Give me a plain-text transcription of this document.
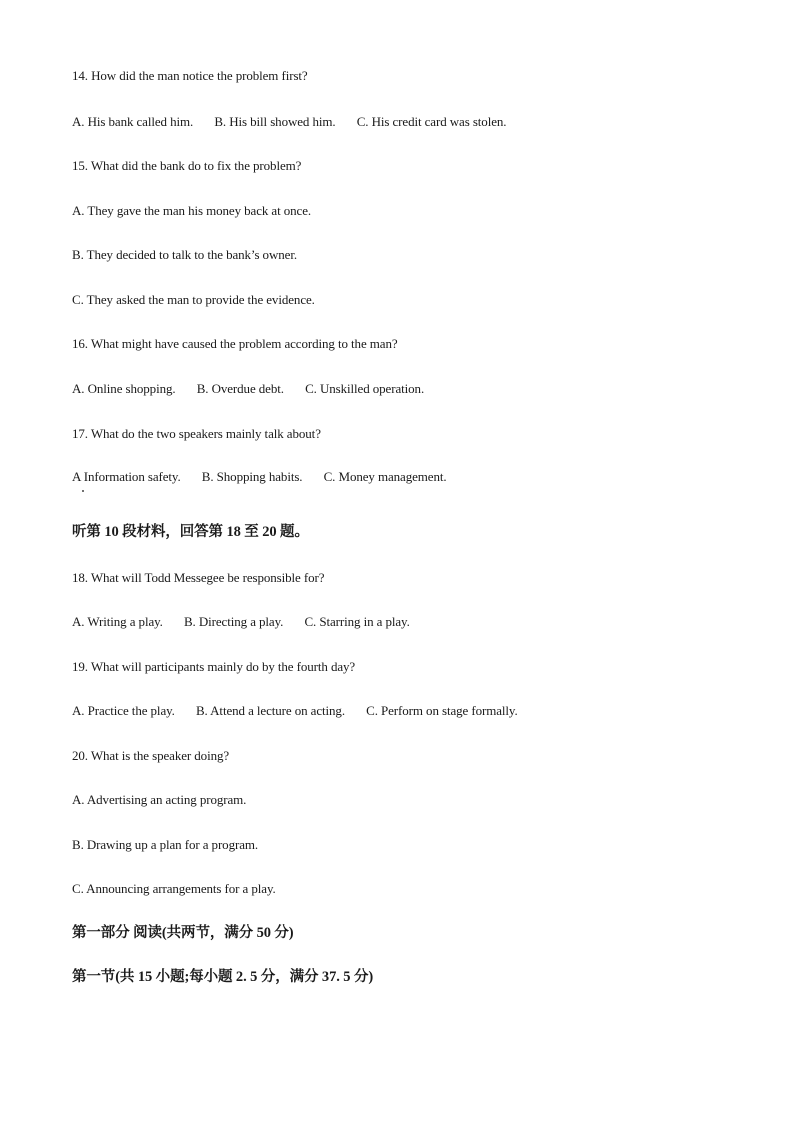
14. How did the man notice the problem first?
A. His bank called him. B. His bill showed him. C. His credit card was stolen.
15. What did the bank do to fix the problem?
A. They gave the man his money back at once.
B. They decided to talk to the bank’s owner.
C. They asked the man to provide the evidence.
16. What might have caused the problem according to the man?
A. Online shopping. B. Overdue debt. C. Unskilled operation.
17. What do the two speakers mainly talk about?
A Information safety. B. Shopping habits. C. Money management.
听第 10 段材料，回答第 18 至 20 题。
18. What will Todd Messegee be responsible for?
A. Writing a play. B. Directing a play. C. Starring in a play.
19. What will participants mainly do by the fourth day?
A. Practice the play. B. Attend a lecture on acting. C. Perform on stage formally.
20. What is the speaker doing?
A. Advertising an acting program.
B. Drawing up a plan for a program.
C. Announcing arrangements for a play.
第一部分 阅读(共两节，满分 50 分)
第一节(共 15 小题;每小题 2. 5 分，满分 37. 5 分)
